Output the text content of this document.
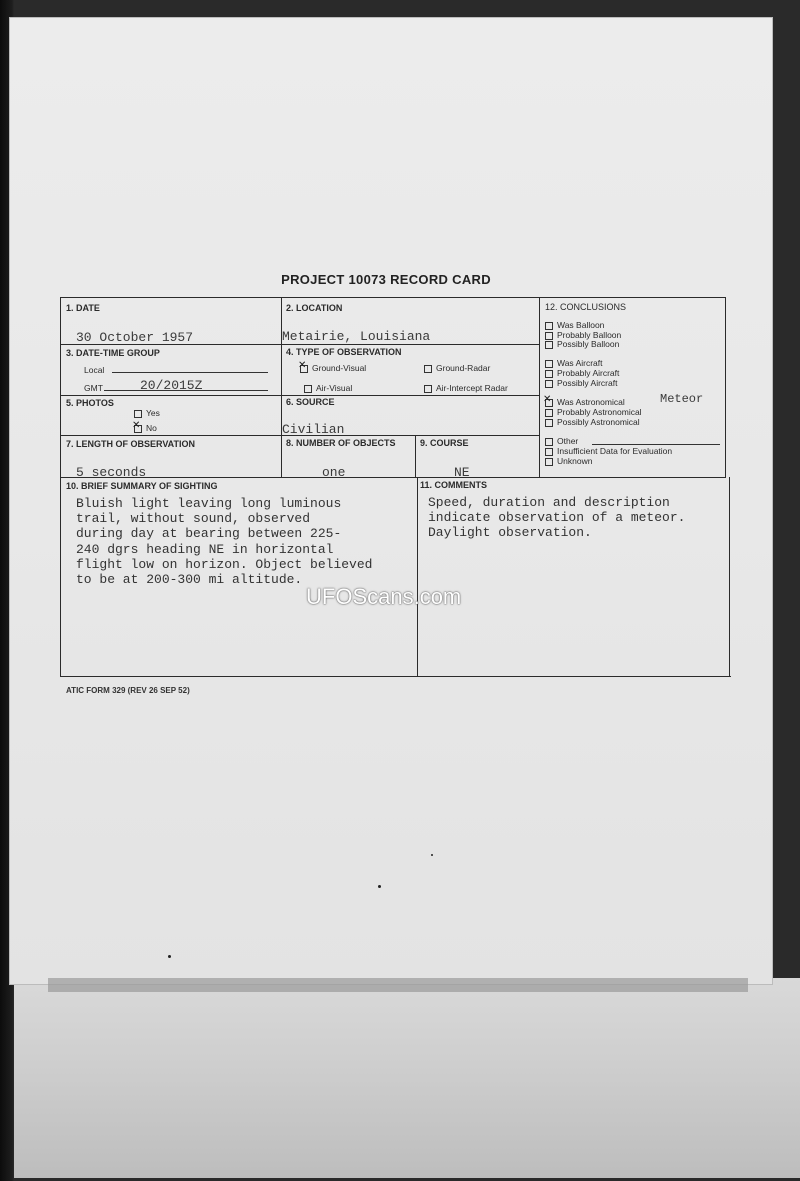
PROJECT 10073 RECORD CARD
1. DATE
30 October 1957
2. LOCATION
Metairie, Louisiana
3. DATE-TIME GROUP
Local
GMT	20/2015Z
4. TYPE OF OBSERVATION
✕Ground-Visual	Ground-Radar
Air-Visual	Air-Intercept Radar
5. PHOTOS
Yes
✕No
6. SOURCE
Civilian
7. LENGTH OF OBSERVATION
5 seconds
8. NUMBER OF OBJECTS
one
9. COURSE
NE
12. CONCLUSIONS
Was Balloon
Probably Balloon
Possibly Balloon
Was Aircraft
Probably Aircraft
Possibly Aircraft
✕Was Astronomical	Meteor
Probably Astronomical
Possibly Astronomical
Other
Insufficient Data for Evaluation
Unknown
10. BRIEF SUMMARY OF SIGHTING
Bluish light leaving long luminous
trail, without sound, observed
during day at bearing between 225-
240 dgrs heading NE in horizontal
flight low on horizon. Object believed
to be at 200-300 mi altitude.
11. COMMENTS
Speed, duration and description
indicate observation of a meteor.
Daylight observation.
UFOScans.com
ATIC FORM 329 (REV 26 SEP 52)
